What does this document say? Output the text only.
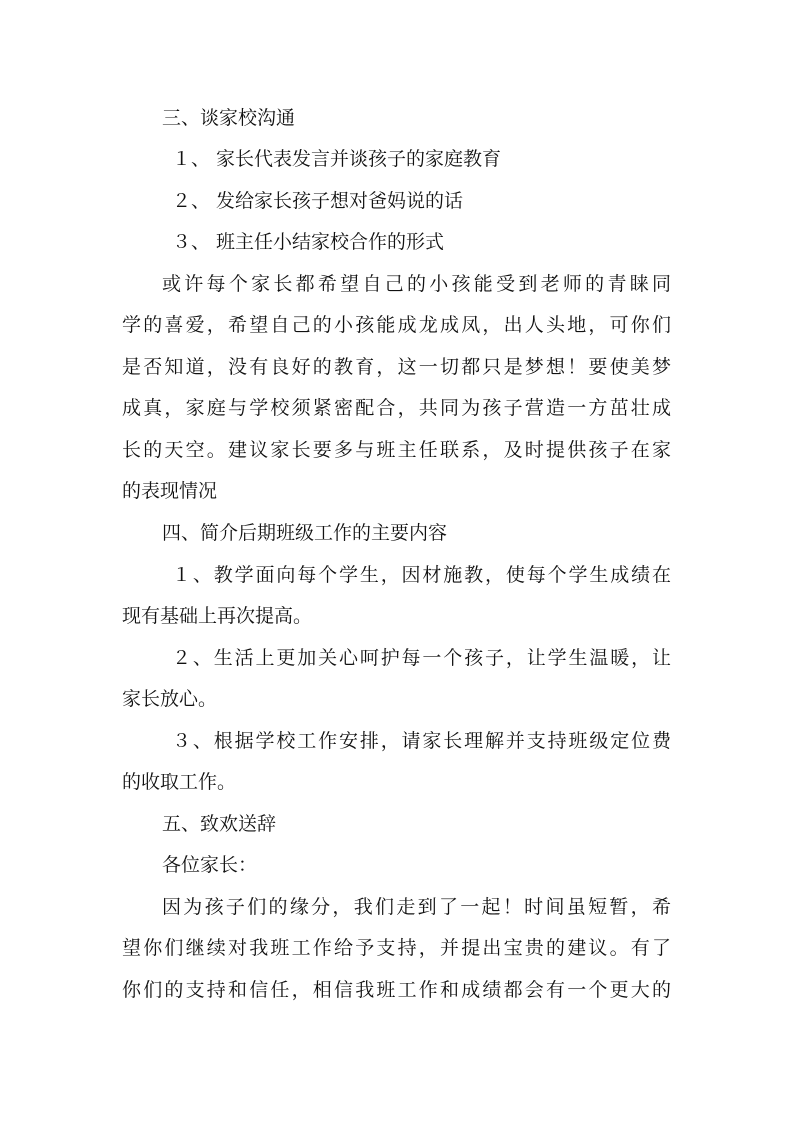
三、谈家校沟通
１、 家长代表发言并谈孩子的家庭教育
２、 发给家长孩子想对爸妈说的话
３、 班主任小结家校合作的形式
或许每个家长都希望自己的小孩能受到老师的青睐同
学的喜爱，希望自己的小孩能成龙成凤，出人头地，可你们
是否知道，没有良好的教育，这一切都只是梦想！要使美梦
成真，家庭与学校须紧密配合，共同为孩子营造一方茁壮成
长的天空。建议家长要多与班主任联系，及时提供孩子在家
的表现情况
四、简介后期班级工作的主要内容
１、教学面向每个学生，因材施教，使每个学生成绩在
现有基础上再次提高。
２、生活上更加关心呵护每一个孩子，让学生温暖，让
家长放心。
３、根据学校工作安排，请家长理解并支持班级定位费
的收取工作。
五、致欢送辞
各位家长：
因为孩子们的缘分，我们走到了一起！时间虽短暂，希
望你们继续对我班工作给予支持，并提出宝贵的建议。有了
你们的支持和信任，相信我班工作和成绩都会有一个更大的
